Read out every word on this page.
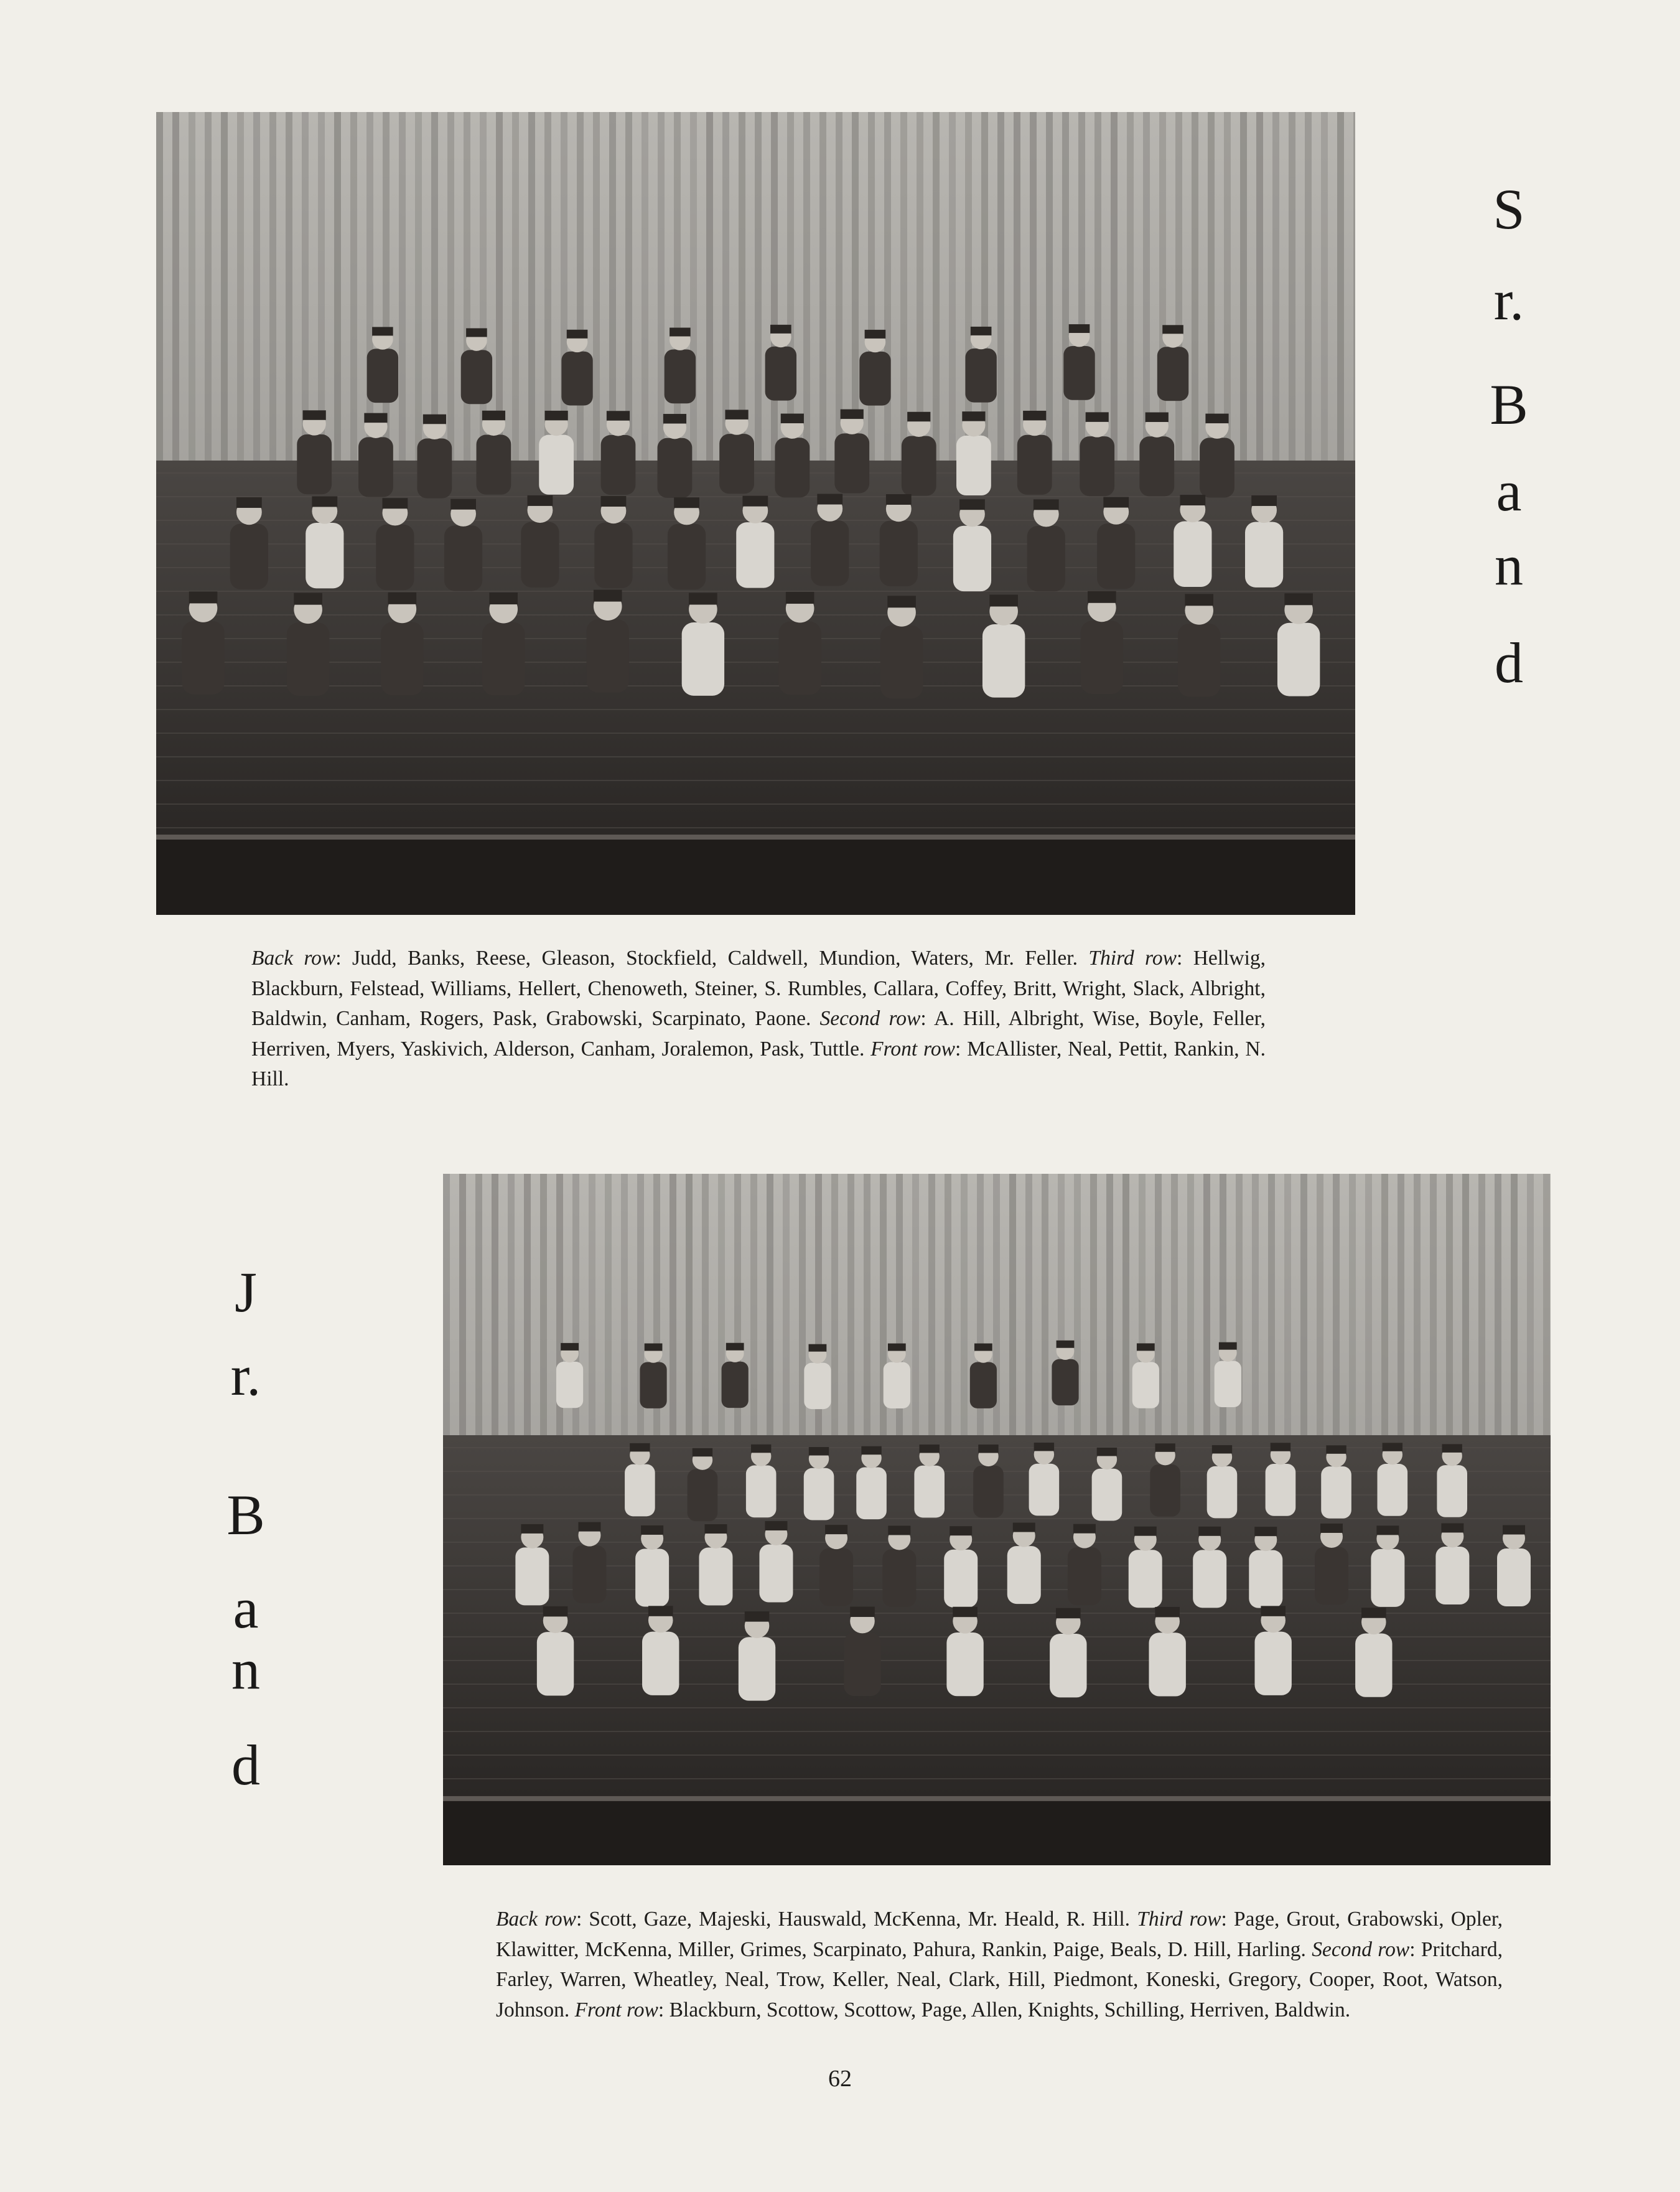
S
r.
B
a
n
d
Back row: Judd, Banks, Reese, Gleason, Stockfield, Caldwell, Mundion, Waters, Mr. Feller. Third row: Hellwig, Blackburn, Felstead, Williams, Hellert, Chenoweth, Steiner, S. Rumbles, Callara, Coffey, Britt, Wright, Slack, Albright, Baldwin, Canham, Rogers, Pask, Grabowski, Scarpinato, Paone. Second row: A. Hill, Albright, Wise, Boyle, Feller, Herriven, Myers, Yaskivich, Alderson, Canham, Joralemon, Pask, Tuttle. Front row: McAllister, Neal, Pettit, Rankin, N. Hill.
J
r.
B
a
n
d
Back row: Scott, Gaze, Majeski, Hauswald, McKenna, Mr. Heald, R. Hill. Third row: Page, Grout, Grabowski, Opler, Klawitter, McKenna, Miller, Grimes, Scarpinato, Pahura, Rankin, Paige, Beals, D. Hill, Harling. Second row: Pritchard, Farley, Warren, Wheatley, Neal, Trow, Keller, Neal, Clark, Hill, Piedmont, Koneski, Gregory, Cooper, Root, Watson, Johnson. Front row: Blackburn, Scottow, Scottow, Page, Allen, Knights, Schilling, Herriven, Baldwin.
62
